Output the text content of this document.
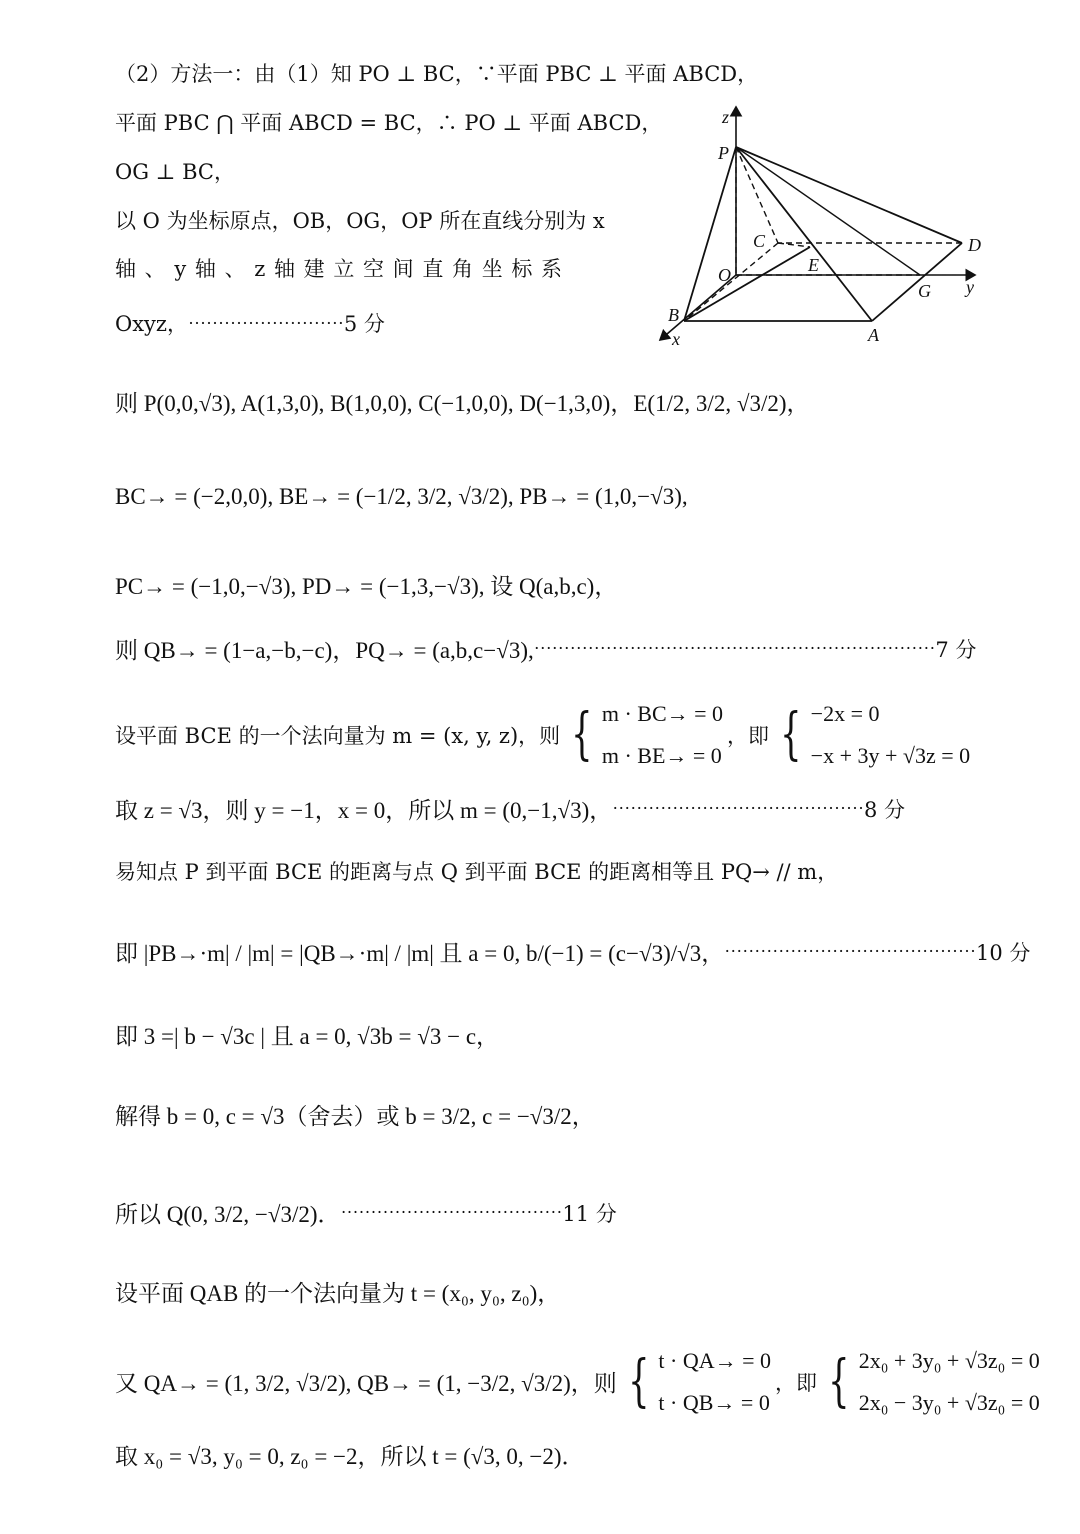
（2）方法一：由（1）知 PO ⊥ BC，∵平面 PBC ⊥ 平面 ABCD，
平面 PBC ⋂ 平面 ABCD = BC，∴ PO ⊥ 平面 ABCD，
OG ⊥ BC，
以 O 为坐标原点，OB，OG，OP 所在直线分别为 x
轴 、 y 轴 、 z 轴 建 立 空 间 直 角 坐 标 系
Oxyz， ·························· 5 分
z
P
C
E
D
O
G y
B
x	A
则 P(0,0,√3), A(1,3,0), B(1,0,0), C(−1,0,0), D(−1,3,0)，E(1/2, 3/2, √3/2)，
BC→ = (−2,0,0), BE→ = (−1/2, 3/2, √3/2), PB→ = (1,0,−√3),
PC→ = (−1,0,−√3), PD→ = (−1,3,−√3), 设 Q(a,b,c)，
则 QB→ = (1−a,−b,−c)，PQ→ = (a,b,c−√3), ··································································· 7 分
设平面 BCE 的一个法向量为 m = (x, y, z)，则 { m · BC→ = 0
m · BE→ = 0
，即 { −2x = 0
−x + 3y + √3z = 0
取 z = √3，则 y = −1，x = 0，所以 m = (0,−1,√3)， ·········································· 8 分
易知点 P 到平面 BCE 的距离与点 Q 到平面 BCE 的距离相等且 PQ→ // m，
即 |PB→·m| / |m| = |QB→·m| / |m| 且 a = 0, b/(−1) = (c−√3)/√3， ·········································· 10 分
即 3 =| b − √3c | 且 a = 0, √3b = √3 − c，
解得 b = 0, c = √3（舍去）或 b = 3/2, c = −√3/2，
所以 Q(0, 3/2, −√3/2)． ····································· 11 分
设平面 QAB 的一个法向量为 t = (x₀, y₀, z₀)，
又 QA→ = (1, 3/2, √3/2), QB→ = (1, −3/2, √3/2)，则 { t · QA→ = 0
t · QB→ = 0
，即 { 2x₀ + 3y₀ + √3z₀ = 0
2x₀ − 3y₀ + √3z₀ = 0
取 x₀ = √3, y₀ = 0, z₀ = −2，所以 t = (√3, 0, −2)．
